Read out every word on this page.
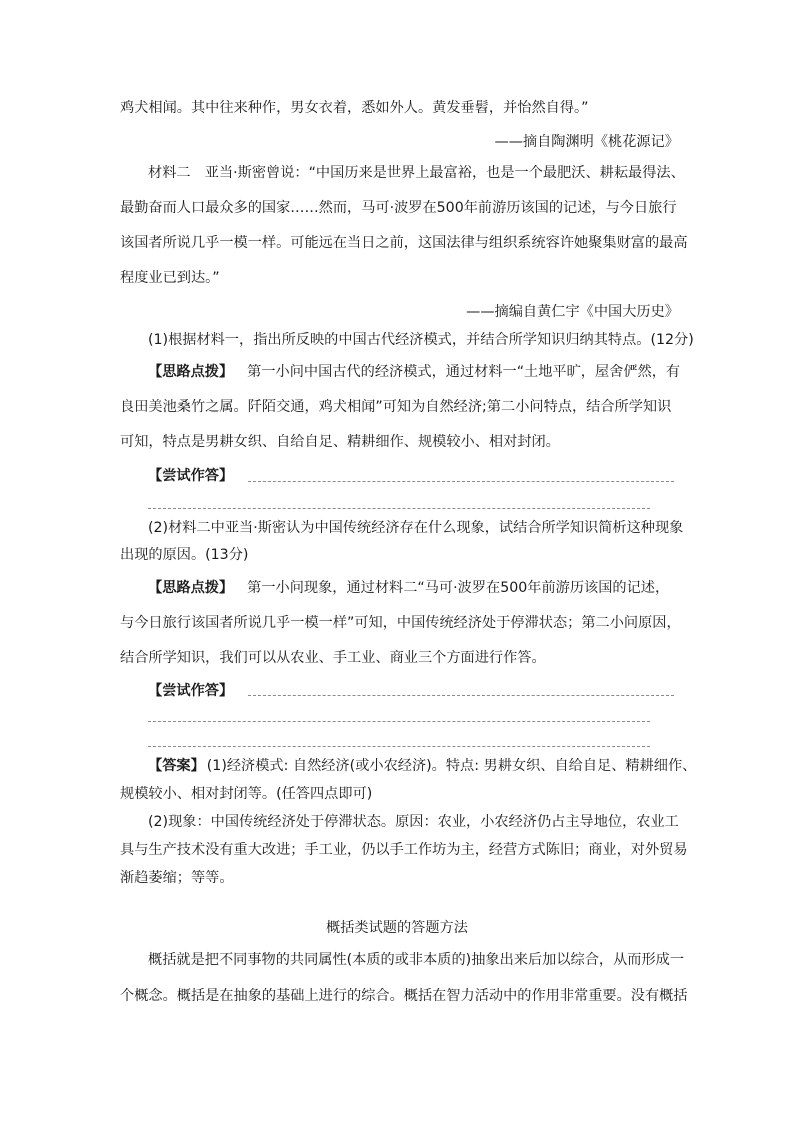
鸡犬相闻。其中往来种作，男女衣着，悉如外人。黄发垂髫，并怡然自得。”
——摘自陶渊明《桃花源记》
材料二　亚当·斯密曾说：“中国历来是世界上最富裕，也是一个最肥沃、耕耘最得法、
最勤奋而人口最众多的国家……然而，马可·波罗在500年前游历该国的记述，与今日旅行
该国者所说几乎一模一样。可能远在当日之前，这国法律与组织系统容许她聚集财富的最高
程度业已到达。”
——摘编自黄仁宇《中国大历史》
(1)根据材料一，指出所反映的中国古代经济模式，并结合所学知识归纳其特点。(12分)
【思路点拨】 第一小问中国古代的经济模式，通过材料一“土地平旷，屋舍俨然，有
良田美池桑竹之属。阡陌交通，鸡犬相闻”可知为自然经济;第二小问特点，结合所学知识
可知，特点是男耕女织、自给自足、精耕细作、规模较小、相对封闭。
【尝试作答】
(2)材料二中亚当·斯密认为中国传统经济存在什么现象，试结合所学知识简析这种现象
出现的原因。(13分)
【思路点拨】 第一小问现象，通过材料二“马可·波罗在500年前游历该国的记述，
与今日旅行该国者所说几乎一模一样”可知，中国传统经济处于停滞状态；第二小问原因，
结合所学知识，我们可以从农业、手工业、商业三个方面进行作答。
【尝试作答】
【答案】 (1)经济模式: 自然经济(或小农经济)。特点: 男耕女织、自给自足、精耕细作、
规模较小、相对封闭等。(任答四点即可)
(2)现象：中国传统经济处于停滞状态。原因：农业，小农经济仍占主导地位，农业工
具与生产技术没有重大改进；手工业，仍以手工作坊为主，经营方式陈旧；商业，对外贸易
渐趋萎缩；等等。
概括类试题的答题方法
概括就是把不同事物的共同属性(本质的或非本质的)抽象出来后加以综合，从而形成一
个概念。概括是在抽象的基础上进行的综合。概括在智力活动中的作用非常重要。没有概括
